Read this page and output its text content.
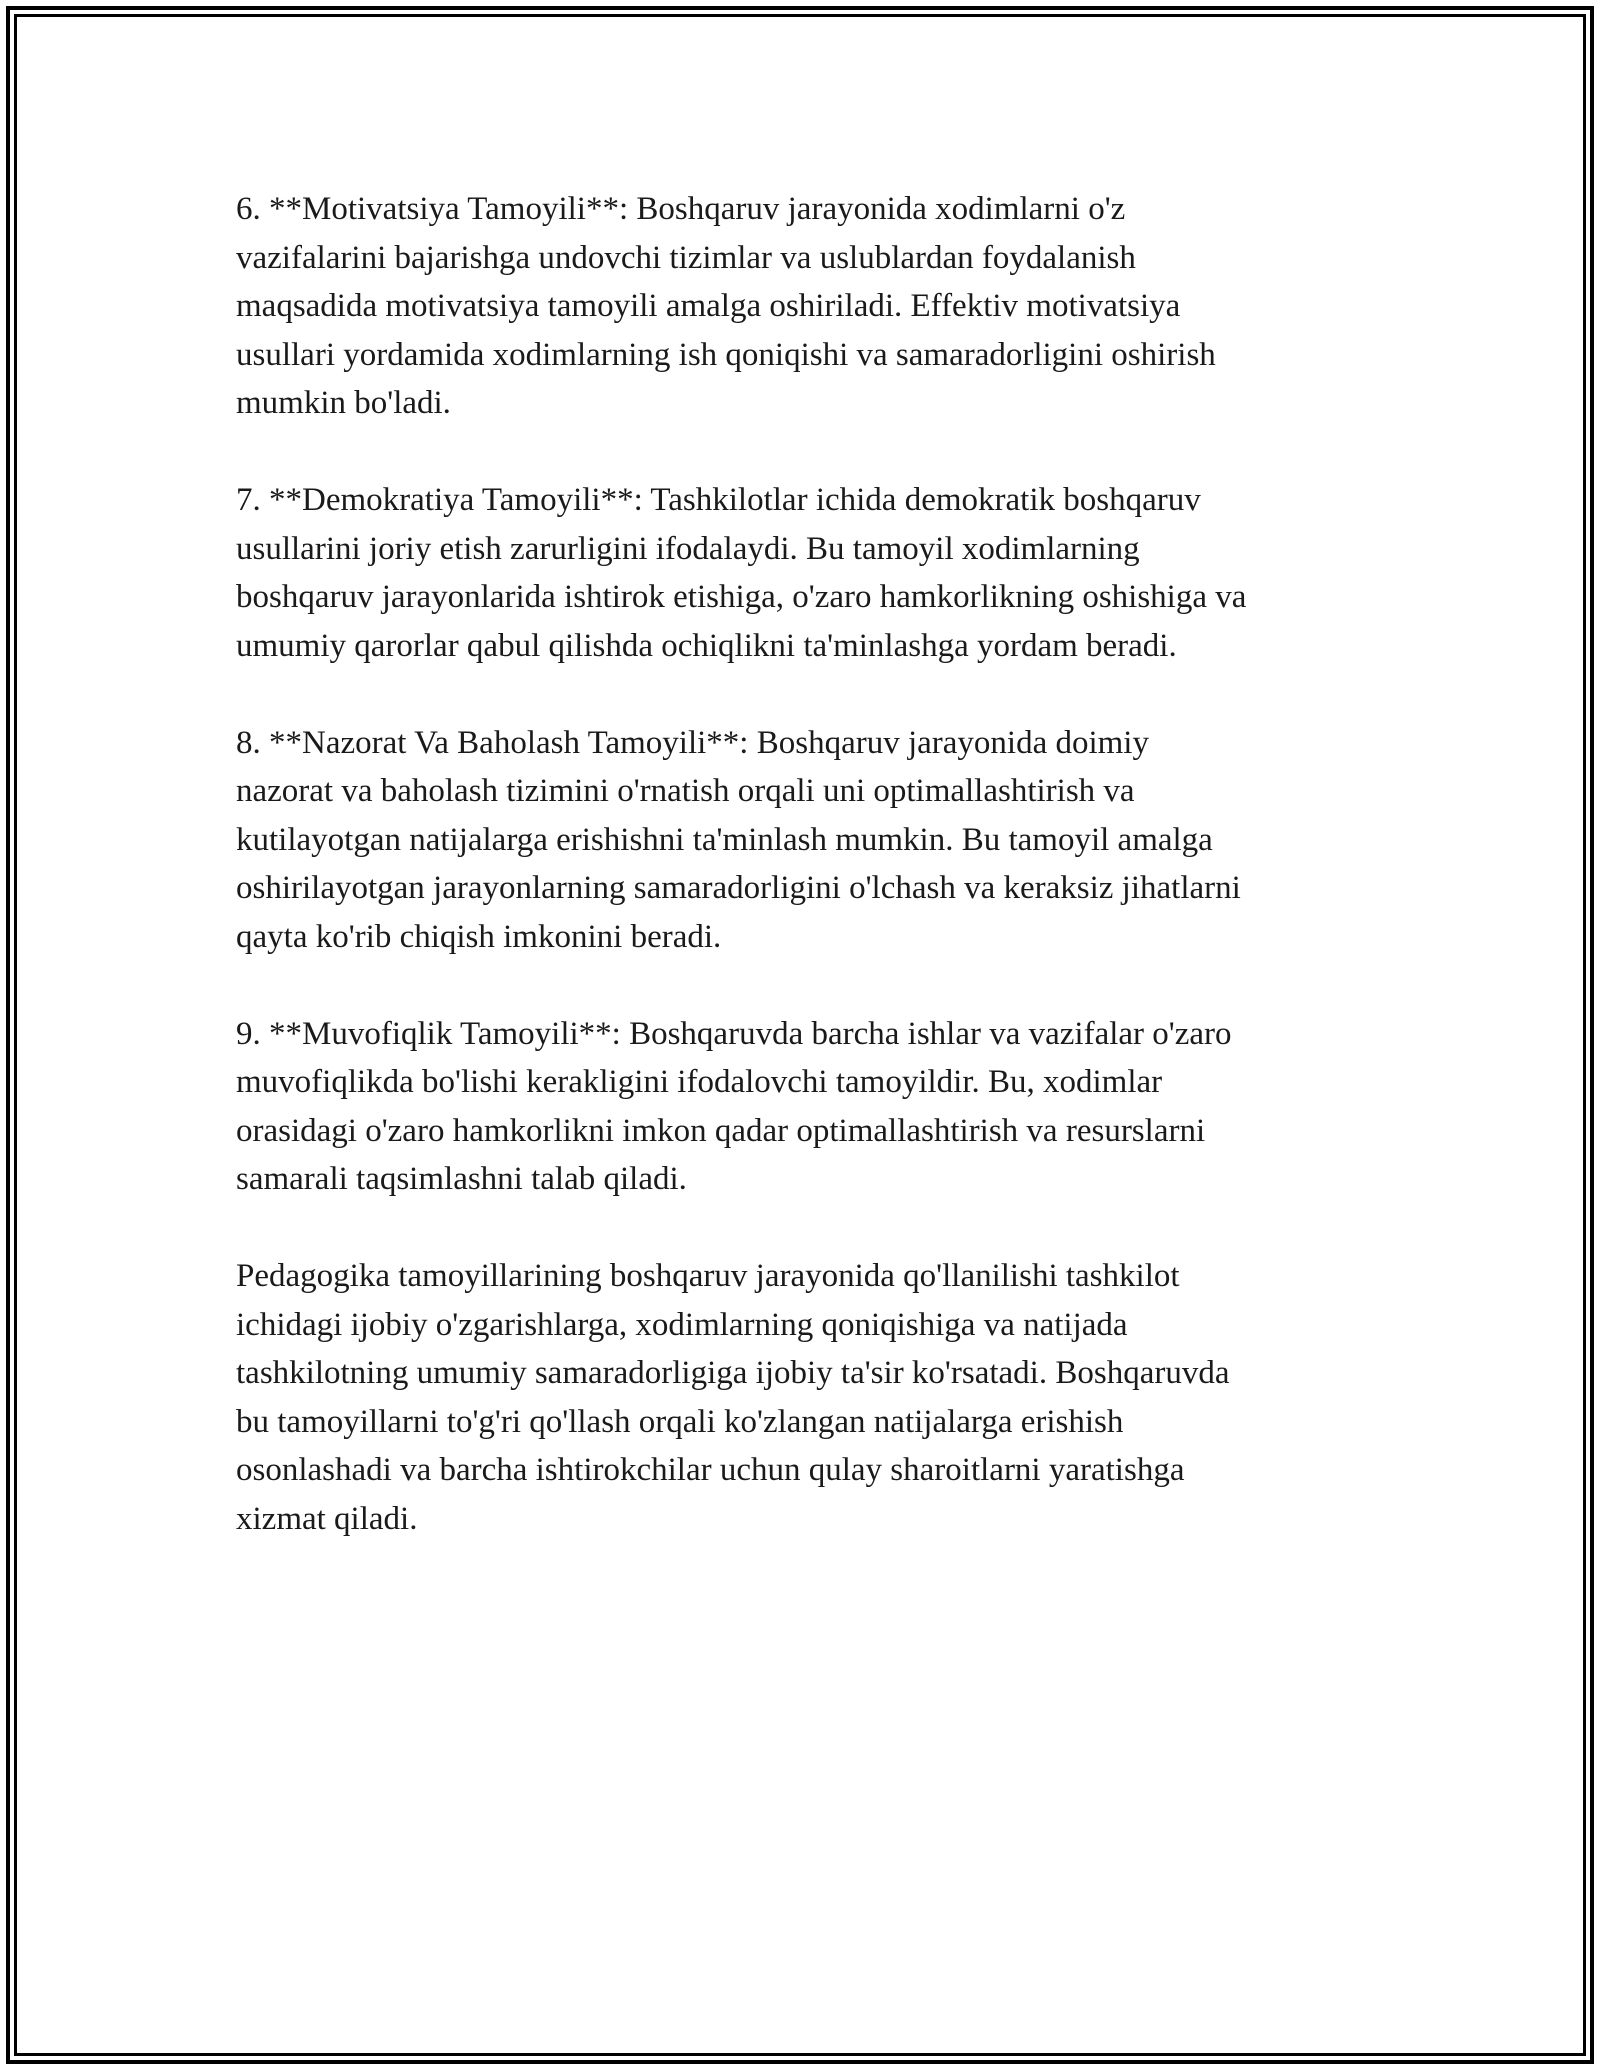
6. **Motivatsiya Tamoyili**: Boshqaruv jarayonida xodimlarni o'z
vazifalarini bajarishga undovchi tizimlar va uslublardan foydalanish
maqsadida motivatsiya tamoyili amalga oshiriladi. Effektiv motivatsiya
usullari yordamida xodimlarning ish qoniqishi va samaradorligini oshirish
mumkin bo'ladi.

7. **Demokratiya Tamoyili**: Tashkilotlar ichida demokratik boshqaruv
usullarini joriy etish zarurligini ifodalaydi. Bu tamoyil xodimlarning
boshqaruv jarayonlarida ishtirok etishiga, o'zaro hamkorlikning oshishiga va
umumiy qarorlar qabul qilishda ochiqlikni ta'minlashga yordam beradi.

8. **Nazorat Va Baholash Tamoyili**: Boshqaruv jarayonida doimiy
nazorat va baholash tizimini o'rnatish orqali uni optimallashtirish va
kutilayotgan natijalarga erishishni ta'minlash mumkin. Bu tamoyil amalga
oshirilayotgan jarayonlarning samaradorligini o'lchash va keraksiz jihatlarni
qayta ko'rib chiqish imkonini beradi.

9. **Muvofiqlik Tamoyili**: Boshqaruvda barcha ishlar va vazifalar o'zaro
muvofiqlikda bo'lishi kerakligini ifodalovchi tamoyildir. Bu, xodimlar
orasidagi o'zaro hamkorlikni imkon qadar optimallashtirish va resurslarni
samarali taqsimlashni talab qiladi.

Pedagogika tamoyillarining boshqaruv jarayonida qo'llanilishi tashkilot
ichidagi ijobiy o'zgarishlarga, xodimlarning qoniqishiga va natijada
tashkilotning umumiy samaradorligiga ijobiy ta'sir ko'rsatadi. Boshqaruvda
bu tamoyillarni to'g'ri qo'llash orqali ko'zlangan natijalarga erishish
osonlashadi va barcha ishtirokchilar uchun qulay sharoitlarni yaratishga
xizmat qiladi.
